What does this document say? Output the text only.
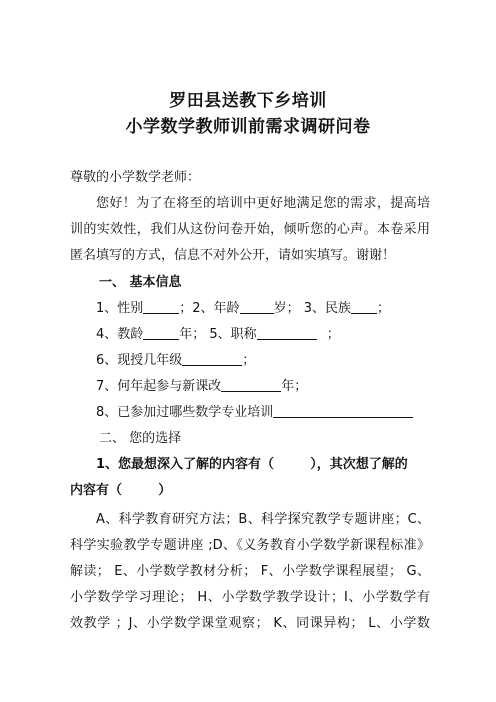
罗田县送教下乡培训
小学数学教师训前需求调研问卷
尊敬的小学数学老师：
您好！为了在将至的培训中更好地满足您的需求，提高培
训的实效性，我们从这份问卷开始，倾听您的心声。本卷采用
匿名填写的方式，信息不对外公开，请如实填写。谢谢！
一、 基本信息
1、性别	；2、年龄	岁； 3、民族 ；
4、教龄	年； 5、职称	；
6、现授几年级	；
7、何年起参与新课改	年；
8、已参加过哪些数学专业培训
二、 您的选择
1、您最想深入了解的内容有（        ），其次想了解的
内容有（        ）
A、科学教育研究方法；B、科学探究教学专题讲座；C、
科学实验教学专题讲座 ;D、《义务教育小学数学新课程标准》
解读； E、小学数学教材分析； F、小学数学课程展望； G、
小学数学学习理论； H、小学数学教学设计；I、小学数学有
效教学 ；J、小学数学课堂观察； K、同课异构； L、小学数
